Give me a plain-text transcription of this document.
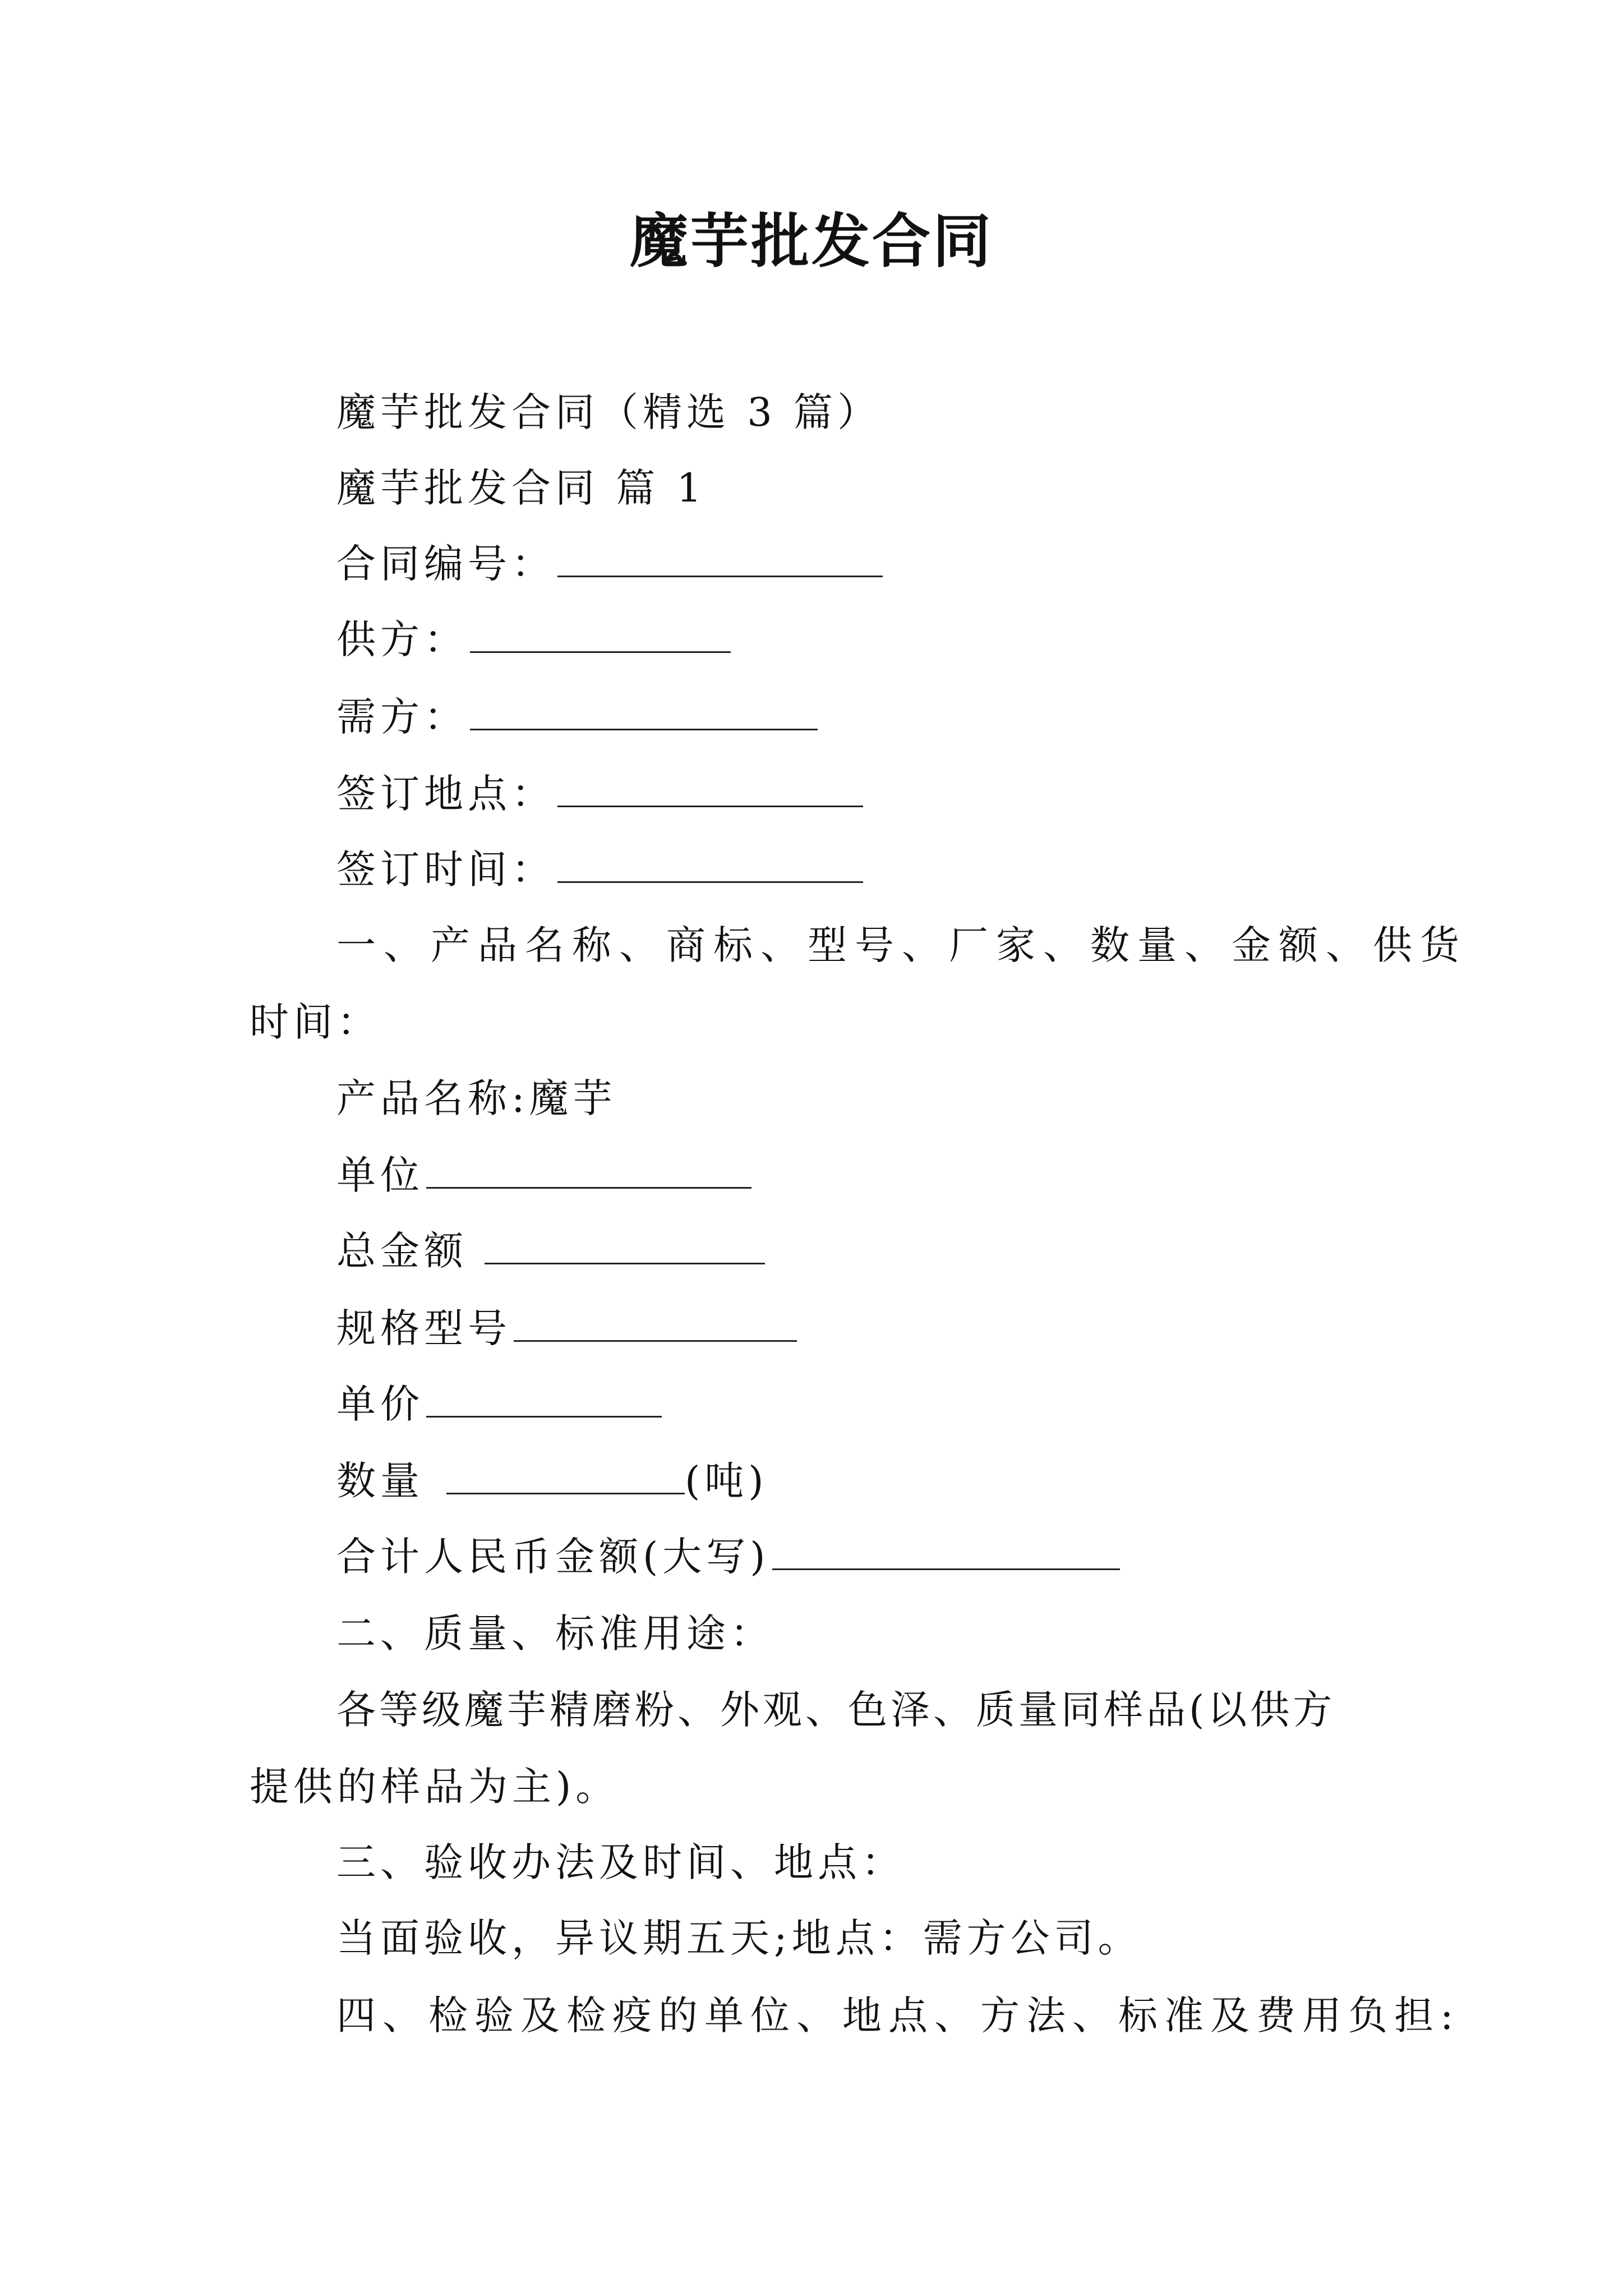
魔芋批发合同
魔芋批发合同（精选 3 篇）
魔芋批发合同 篇 1
合同编号：
供方：
需方：
签订地点：
签订时间：
一、产品名称、商标、型号、厂家、数量、金额、供货
时间：
产品名称:魔芋
单位
总金额
规格型号
单价
数量	(吨)
合计人民币金额(大写)
二、质量、标准用途：
各等级魔芋精磨粉、外观、色泽、质量同样品(以供方
提供的样品为主)。
三、验收办法及时间、地点：
当面验收，异议期五天;地点：需方公司。
四、检验及检疫的单位、地点、方法、标准及费用负担:
